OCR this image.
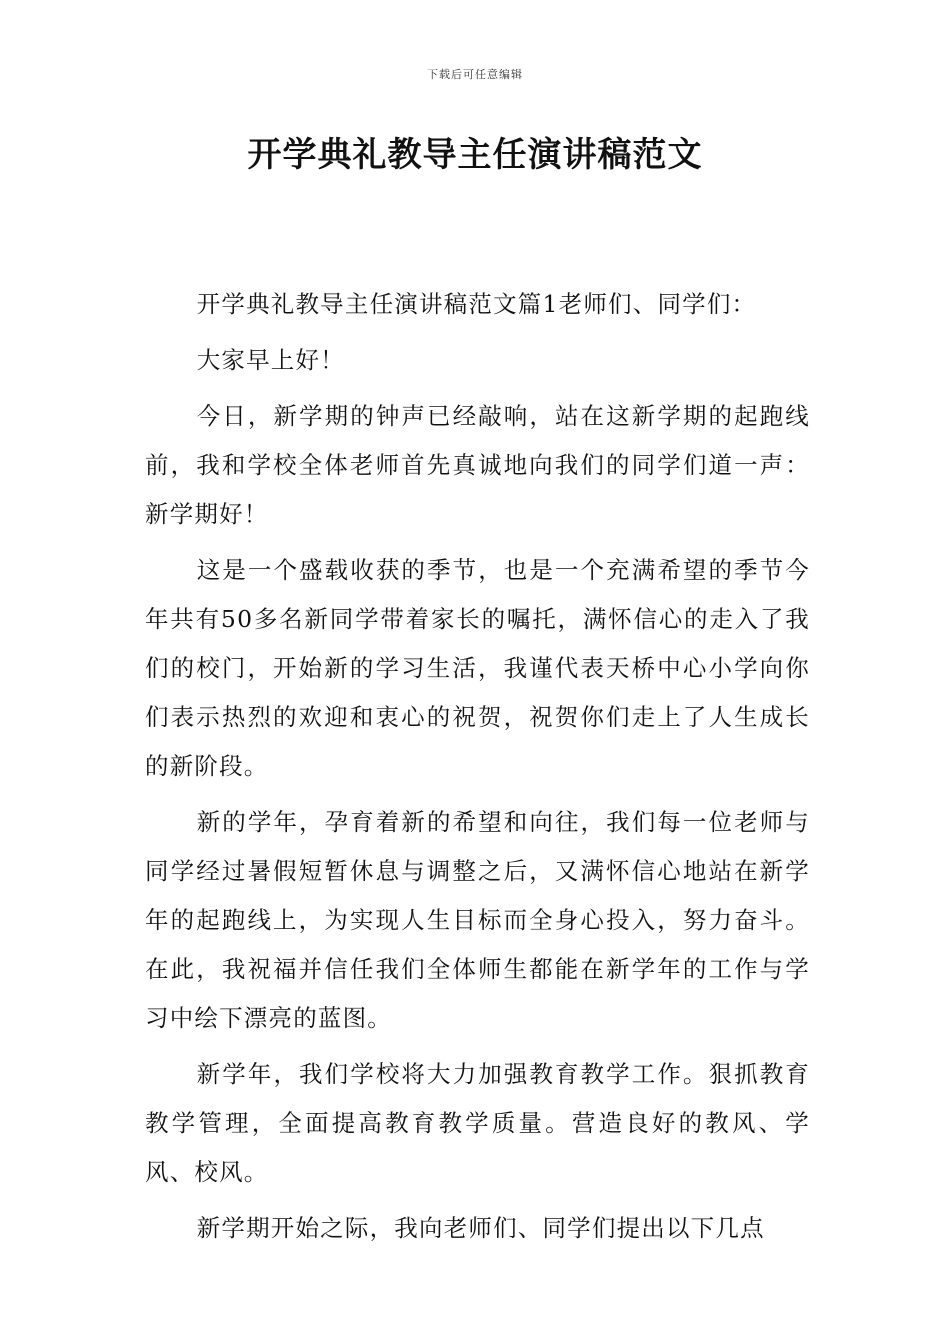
下载后可任意编辑
开学典礼教导主任演讲稿范文

开学典礼教导主任演讲稿范文篇1老师们、同学们：

大家早上好！

今日，新学期的钟声已经敲响，站在这新学期的起跑线前，我和学校全体老师首先真诚地向我们的同学们道一声：新学期好！

这是一个盛载收获的季节，也是一个充满希望的季节今年共有50多名新同学带着家长的嘱托，满怀信心的走入了我们的校门，开始新的学习生活，我谨代表天桥中心小学向你们表示热烈的欢迎和衷心的祝贺，祝贺你们走上了人生成长的新阶段。

新的学年，孕育着新的希望和向往，我们每一位老师与同学经过暑假短暂休息与调整之后，又满怀信心地站在新学年的起跑线上，为实现人生目标而全身心投入，努力奋斗。在此，我祝福并信任我们全体师生都能在新学年的工作与学习中绘下漂亮的蓝图。

新学年，我们学校将大力加强教育教学工作。狠抓教育教学管理，全面提高教育教学质量。营造良好的教风、学风、校风。

新学期开始之际，我向老师们、同学们提出以下几点
